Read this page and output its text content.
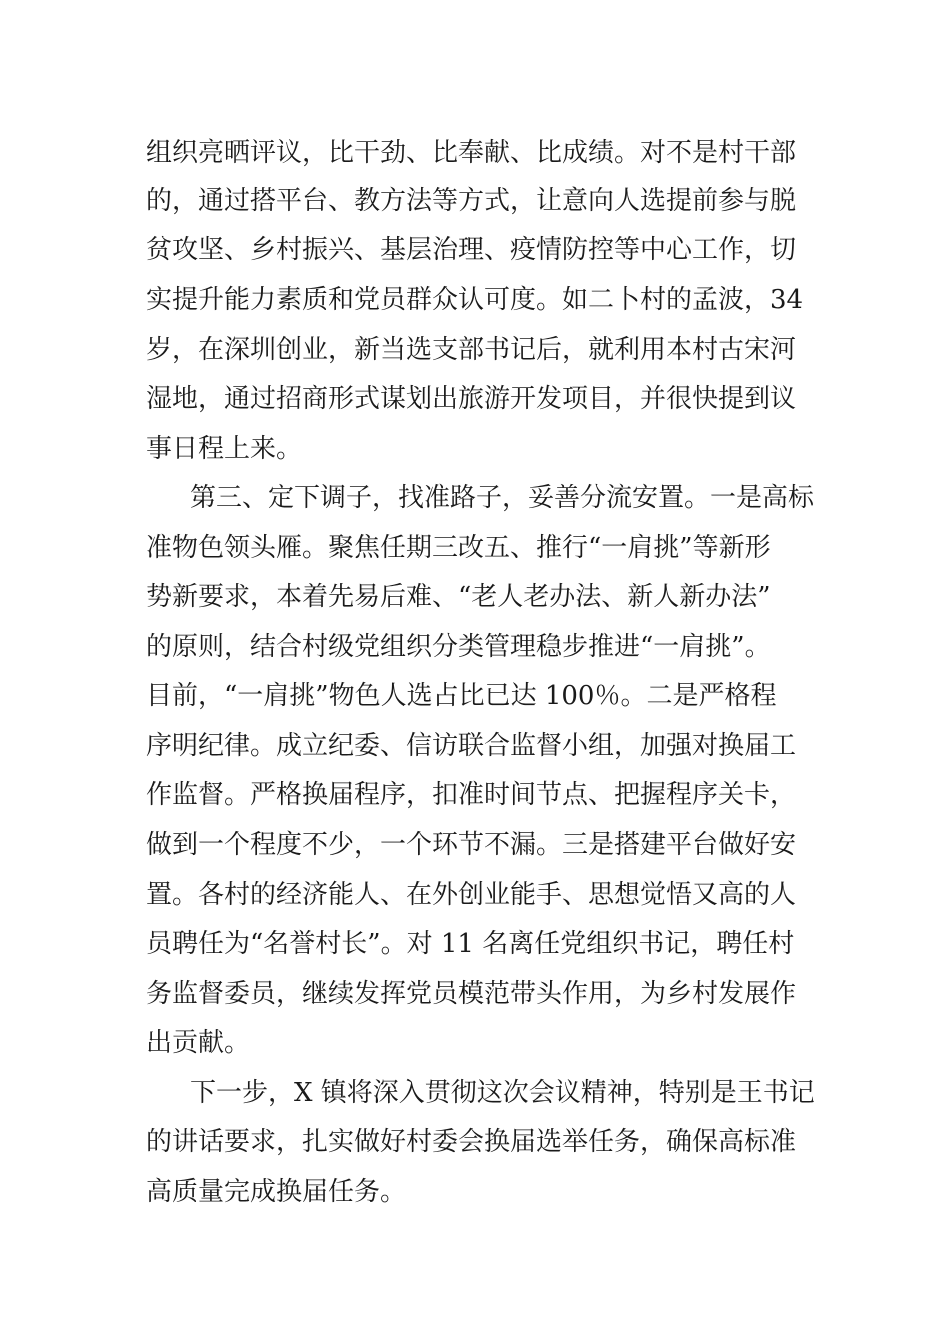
组织亮晒评议，比干劲、比奉献、比成绩。对不是村干部
的，通过搭平台、教方法等方式，让意向人选提前参与脱
贫攻坚、乡村振兴、基层治理、疫情防控等中心工作，切
实提升能力素质和党员群众认可度。如二卜村的孟波，34
岁，在深圳创业，新当选支部书记后，就利用本村古宋河
湿地，通过招商形式谋划出旅游开发项目，并很快提到议
事日程上来。
第三、定下调子，找准路子，妥善分流安置。一是高标
准物色领头雁。聚焦任期三改五、推行“一肩挑”等新形
势新要求，本着先易后难、“老人老办法、新人新办法”
的原则，结合村级党组织分类管理稳步推进“一肩挑”。
目前，“一肩挑”物色人选占比已达 100％。二是严格程
序明纪律。成立纪委、信访联合监督小组，加强对换届工
作监督。严格换届程序，扣准时间节点、把握程序关卡，
做到一个程度不少，一个环节不漏。三是搭建平台做好安
置。各村的经济能人、在外创业能手、思想觉悟又高的人
员聘任为“名誉村长”。对 11 名离任党组织书记，聘任村
务监督委员，继续发挥党员模范带头作用，为乡村发展作
出贡献。
下一步，X 镇将深入贯彻这次会议精神，特别是王书记
的讲话要求，扎实做好村委会换届选举任务，确保高标准
高质量完成换届任务。
